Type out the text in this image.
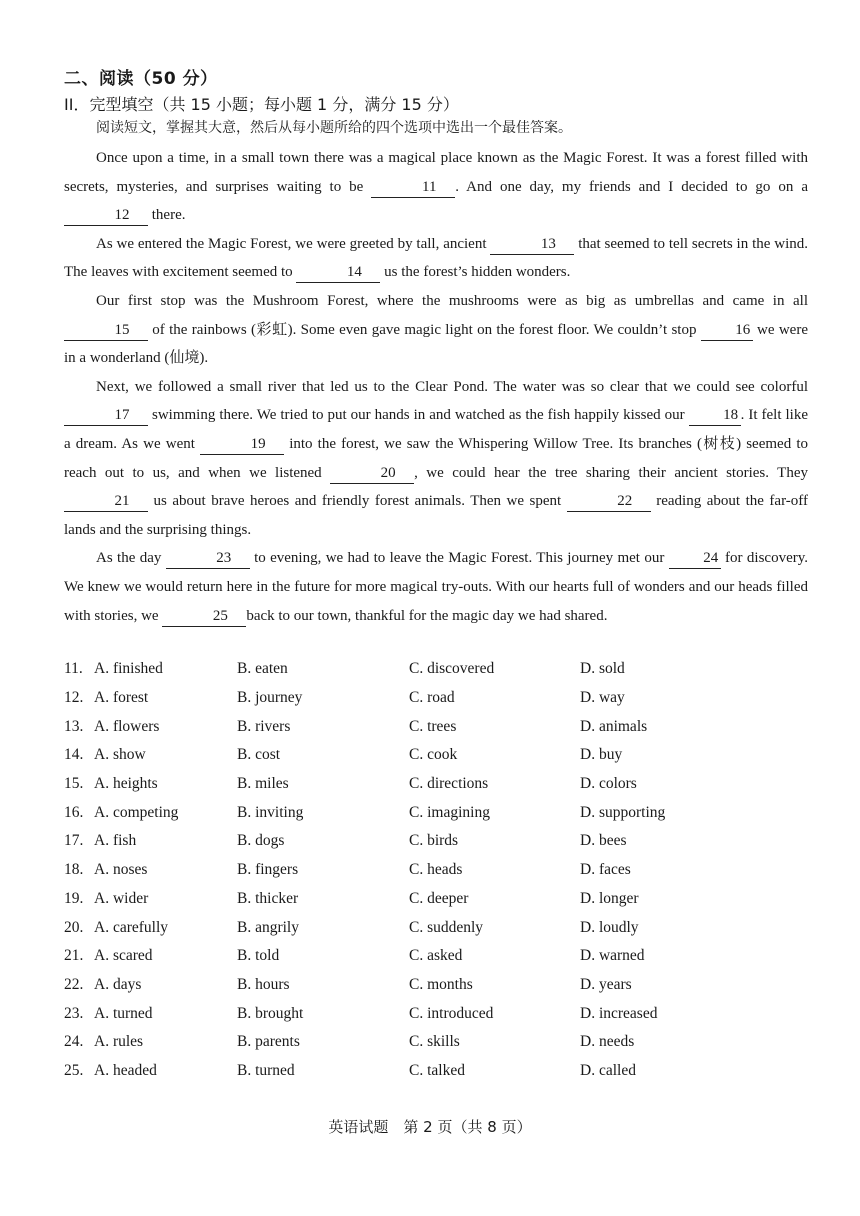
二、阅读（50 分）
II．完型填空（共 15 小题；每小题 1 分，满分 15 分）
阅读短文，掌握其大意，然后从每小题所给的四个选项中选出一个最佳答案。

Once upon a time, in a small town there was a magical place known as the Magic Forest. It was a forest filled with secrets, mysteries, and surprises waiting to be	11 . And one day, my friends and I decided to go on a 12 there.

As we entered the Magic Forest, we were greeted by tall, ancient	13 that seemed to tell secrets in the wind. The leaves with excitement seemed to	14 us the forest’s hidden wonders.

Our first stop was the Mushroom Forest, where the mushrooms were as big as umbrellas and came in all 15 of the rainbows (彩虹). Some even gave magic light on the forest floor. We couldn’t stop 16 we were in a wonderland (仙境).

Next, we followed a small river that led us to the Clear Pond. The water was so clear that we could see colorful 17 swimming there. We tried to put our hands in and watched as the fish happily kissed our 18 . It felt like a dream. As we went	19 into the forest, we saw the Whispering Willow Tree. Its branches (树枝) seemed to reach out to us, and when we listened	20 , we could hear the tree sharing their ancient stories. They 21 us about brave heroes and friendly forest animals. Then we spent	22 reading about the far-off lands and the surprising things.

As the day	23 to evening, we had to leave the Magic Forest. This journey met our 24 for discovery. We knew we would return here in the future for more magical try-outs. With our hearts full of wonders and our heads filled with stories, we	25 back to our town, thankful for the magic day we had shared.

11. A. finished	B. eaten	C. discovered	D. sold
12. A. forest	B. journey	C. road	D. way
13. A. flowers	B. rivers	C. trees	D. animals
14. A. show	B. cost	C. cook	D. buy
15. A. heights	B. miles	C. directions	D. colors
16. A. competing	B. inviting	C. imagining	D. supporting
17. A. fish	B. dogs	C. birds	D. bees
18. A. noses	B. fingers	C. heads	D. faces
19. A. wider	B. thicker	C. deeper	D. longer
20. A. carefully	B. angrily	C. suddenly	D. loudly
21. A. scared	B. told	C. asked	D. warned
22. A. days	B. hours	C. months	D. years
23. A. turned	B. brought	C. introduced	D. increased
24. A. rules	B. parents	C. skills	D. needs
25. A. headed	B. turned	C. talked	D. called
英语试题　第 2 页（共 8 页）
